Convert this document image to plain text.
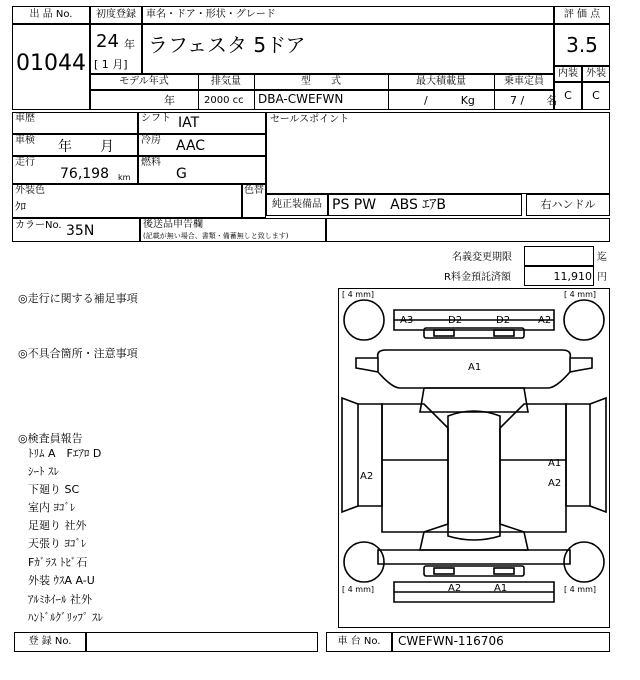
出 品 No.
01044
初度登録	車名・ドア・形状・グレード
24 年
[ 1 月]
ラフェスタ 5ドア
評 価 点
3.5
内装 外装
C	C
モデル年式	排気量	型　　式	最大積載量	乗車定員
年	2000 cc DBA-CWEFWN	/　　　Kg	7 /　　名
車歴	シフト IAT	セールスポイント
車検 年　　月	冷房 AAC
走行
76,198 km
燃料
G
外装色
ｸﾛ
色替
純正装備品 PS PW　ABS ｴｱB	右ハンドル
カラーNo. 35N	後送品申告欄
(記載が無い場合、書類・備蓄無しと致します)
名義変更期限	迄
R料金預託済額	11,910 円
◎走行に関する補足事項
◎不具合箇所・注意事項
◎検査員報告
ﾄﾘﾑ A　Fｴｱﾛ D
ｼｰﾄ ｽﾚ
下廻り SC
室内 ﾖｺﾞﾚ
足廻り 社外
天張り ﾖｺﾞﾚ
Fｶﾞﾗｽ ﾄﾋﾞ石
外装 ｳｽA A-U
ｱﾙﾐﾎｲｰﾙ 社外
ﾊﾝﾄﾞﾙｸﾞﾘｯﾌﾟ ｽﾚ
[ 4 mm]	[ 4 mm]
[ 4 mm]	[ 4 mm]
A3	D2	D2	A2
A1
A2
A1
A2
A2	A1
登 録 No.	車 台 No.	CWEFWN-116706
